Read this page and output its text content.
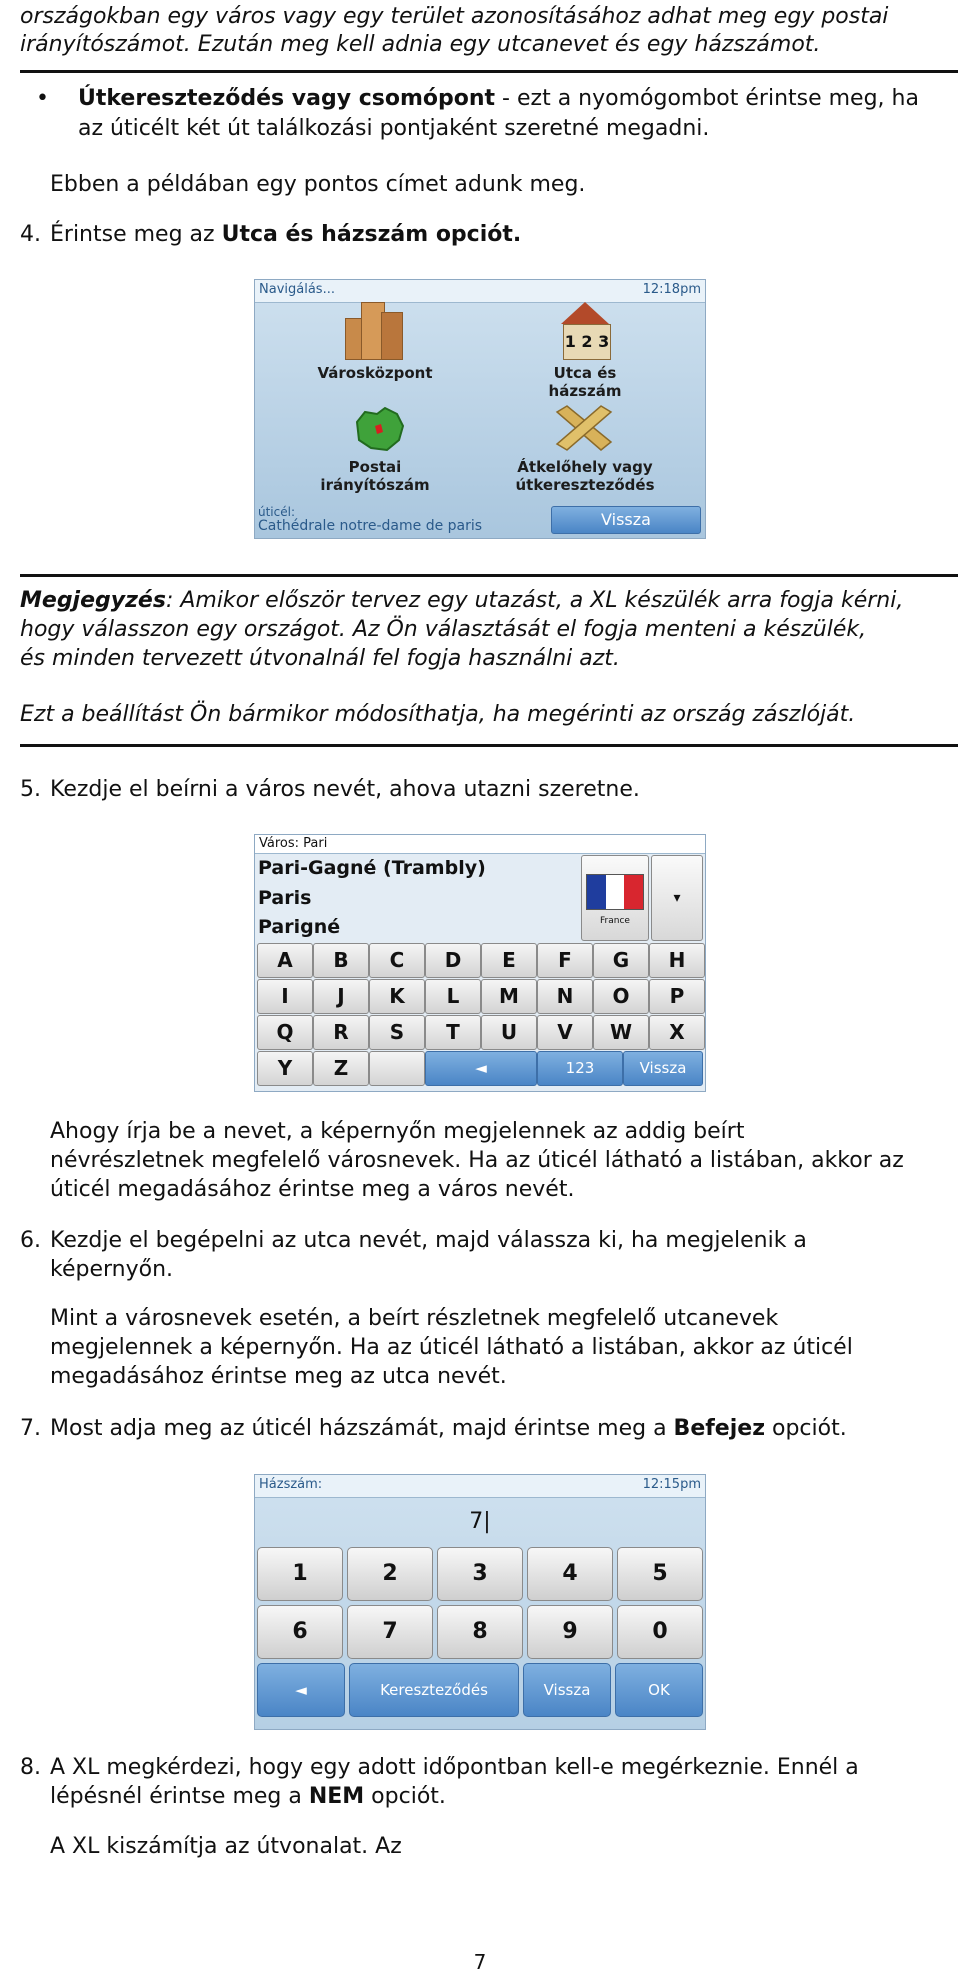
országokban egy város vagy egy terület azonosításához adhat meg egy postai
irányítószámot. Ezután meg kell adnia egy utcanevet és egy házszámot.
• Útkereszteződés vagy csomópont - ezt a nyomógombot érintse meg, ha
az úticélt két út találkozási pontjaként szeretné megadni.
Ebben a példában egy pontos címet adunk meg.
4. Érintse meg az Utca és házszám opciót.
Navigálás...	12:18pm
Városközpont
1 2 3
Utca és
házszám
Postai
irányítószám
Átkelőhely vagy
útkereszteződés
úticél:
Cathédrale notre-dame de paris	Vissza
Megjegyzés: Amikor először tervez egy utazást, a XL készülék arra fogja kérni,
hogy válasszon egy országot. Az Ön választását el fogja menteni a készülék,
és minden tervezett útvonalnál fel fogja használni azt.
Ezt a beállítást Ön bármikor módosíthatja, ha megérinti az ország zászlóját.
5. Kezdje el beírni a város nevét, ahova utazni szeretne.
Város: Pari
Pari-Gagné (Trambly)
Paris
Parigné	France
▾
A	B	C	D	E	F	G	H
I	J	K	L	M	N	O	P
Q	R	S	T	U	V	W	X
Y	Z	◄	123	Vissza
Ahogy írja be a nevet, a képernyőn megjelennek az addig beírt
névrészletnek megfelelő városnevek. Ha az úticél látható a listában, akkor az
úticél megadásához érintse meg a város nevét.
6. Kezdje el begépelni az utca nevét, majd válassza ki, ha megjelenik a
képernyőn.
Mint a városnevek esetén, a beírt részletnek megfelelő utcanevek
megjelennek a képernyőn. Ha az úticél látható a listában, akkor az úticél
megadásához érintse meg az utca nevét.
7. Most adja meg az úticél házszámát, majd érintse meg a Befejez opciót.
Házszám:	12:15pm
7|
1	2	3	4	5
6	7	8	9	0
◄	Kereszteződés	Vissza	OK
8. A XL megkérdezi, hogy egy adott időpontban kell-e megérkeznie. Ennél a
lépésnél érintse meg a NEM opciót.
A XL kiszámítja az útvonalat. Az
7
